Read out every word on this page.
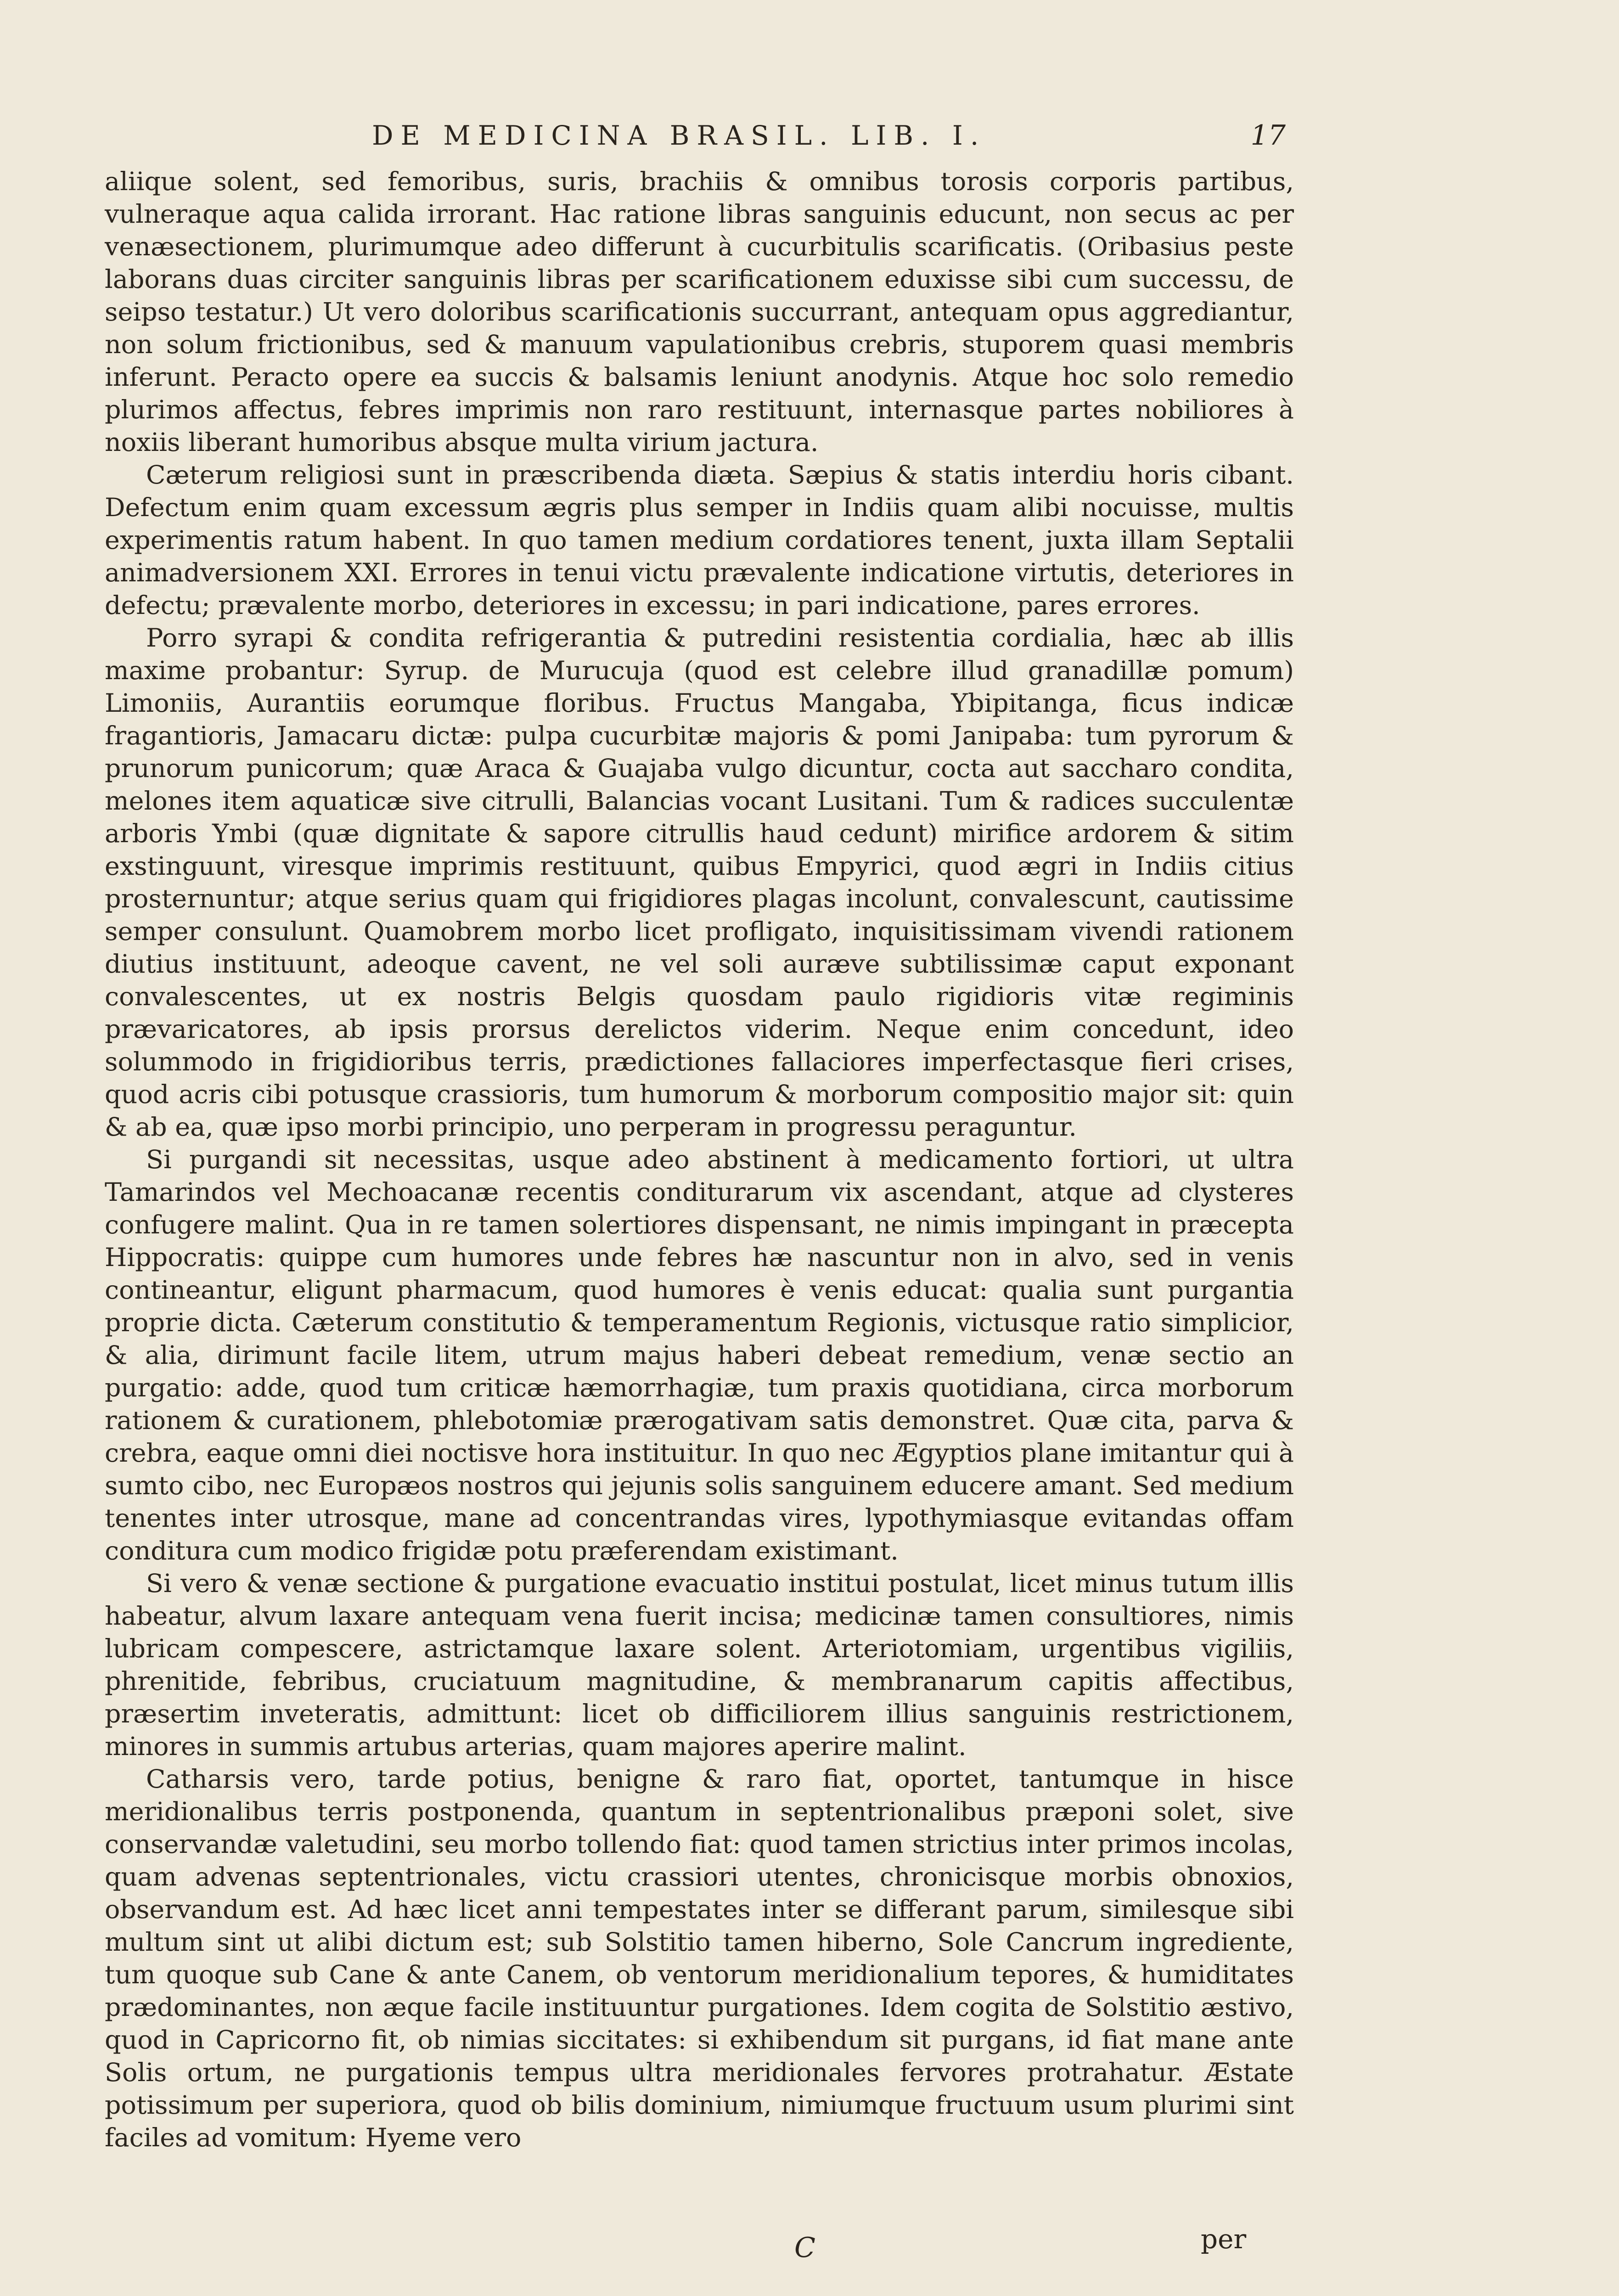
DE MEDICINA BRASIL. LIB. I.	17

aliique solent, sed femoribus, suris, brachiis & omnibus torosis corporis partibus, vulneraque aqua calida irrorant. Hac ratione libras sanguinis educunt, non secus ac per venæsectionem, plurimumque adeo differunt à cucurbitulis scarificatis. (Oribasius peste laborans duas circiter sanguinis libras per scarificationem eduxisse sibi cum successu, de seipso testatur.) Ut vero doloribus scarificationis succurrant, antequam opus aggrediantur, non solum frictionibus, sed & manuum vapulationibus crebris, stuporem quasi membris inferunt. Peracto opere ea succis & balsamis leniunt anodynis. Atque hoc solo remedio plurimos affectus, febres imprimis non raro restituunt, internasque partes nobiliores à noxiis liberant humoribus absque multa virium jactura.

Cæterum religiosi sunt in præscribenda diæta. Sæpius & statis interdiu horis cibant. Defectum enim quam excessum ægris plus semper in Indiis quam alibi nocuisse, multis experimentis ratum habent. In quo tamen medium cordatiores tenent, juxta illam Septalii animadversionem XXI. Errores in tenui victu prævalente indicatione virtutis, deteriores in defectu; prævalente morbo, deteriores in excessu; in pari indicatione, pares errores.

Porro syrapi & condita refrigerantia & putredini resistentia cordialia, hæc ab illis maxime probantur: Syrup. de Murucuja (quod est celebre illud granadillæ pomum) Limoniis, Aurantiis eorumque floribus. Fructus Mangaba, Ybipitanga, ficus indicæ fragantioris, Jamacaru dictæ: pulpa cucurbitæ majoris & pomi Janipaba: tum pyrorum & prunorum punicorum; quæ Araca & Guajaba vulgo dicuntur, cocta aut saccharo condita, melones item aquaticæ sive citrulli, Balancias vocant Lusitani. Tum & radices succulentæ arboris Ymbi (quæ dignitate & sapore citrullis haud cedunt) mirifice ardorem & sitim exstinguunt, viresque imprimis restituunt, quibus Empyrici, quod ægri in Indiis citius prosternuntur; atque serius quam qui frigidiores plagas incolunt, convalescunt, cautissime semper consulunt. Quamobrem morbo licet profligato, inquisitissimam vivendi rationem diutius instituunt, adeoque cavent, ne vel soli auræve subtilissimæ caput exponant convalescentes, ut ex nostris Belgis quosdam paulo rigidioris vitæ regiminis prævaricatores, ab ipsis prorsus derelictos viderim. Neque enim concedunt, ideo solummodo in frigidioribus terris, prædictiones fallaciores imperfectasque fieri crises, quod acris cibi potusque crassioris, tum humorum & morborum compositio major sit: quin & ab ea, quæ ipso morbi principio, uno perperam in progressu peraguntur.

Si purgandi sit necessitas, usque adeo abstinent à medicamento fortiori, ut ultra Tamarindos vel Mechoacanæ recentis conditurarum vix ascendant, atque ad clysteres confugere malint. Qua in re tamen solertiores dispensant, ne nimis impingant in præcepta Hippocratis: quippe cum humores unde febres hæ nascuntur non in alvo, sed in venis contineantur, eligunt pharmacum, quod humores è venis educat: qualia sunt purgantia proprie dicta. Cæterum constitutio & temperamentum Regionis, victusque ratio simplicior, & alia, dirimunt facile litem, utrum majus haberi debeat remedium, venæ sectio an purgatio: adde, quod tum criticæ hæmorrhagiæ, tum praxis quotidiana, circa morborum rationem & curationem, phlebotomiæ prærogativam satis demonstret. Quæ cita, parva & crebra, eaque omni diei noctisve hora instituitur. In quo nec Ægyptios plane imitantur qui à sumto cibo, nec Europæos nostros qui jejunis solis sanguinem educere amant. Sed medium tenentes inter utrosque, mane ad concentrandas vires, lypothymiasque evitandas offam conditura cum modico frigidæ potu præferendam existimant.

Si vero & venæ sectione & purgatione evacuatio institui postulat, licet minus tutum illis habeatur, alvum laxare antequam vena fuerit incisa; medicinæ tamen consultiores, nimis lubricam compescere, astrictamque laxare solent. Arteriotomiam, urgentibus vigiliis, phrenitide, febribus, cruciatuum magnitudine, & membranarum capitis affectibus, præsertim inveteratis, admittunt: licet ob difficiliorem illius sanguinis restrictionem, minores in summis artubus arterias, quam majores aperire malint.

Catharsis vero, tarde potius, benigne & raro fiat, oportet, tantumque in hisce meridionalibus terris postponenda, quantum in septentrionalibus præponi solet, sive conservandæ valetudini, seu morbo tollendo fiat: quod tamen strictius inter primos incolas, quam advenas septentrionales, victu crassiori utentes, chronicisque morbis obnoxios, observandum est. Ad hæc licet anni tempestates inter se differant parum, similesque sibi multum sint ut alibi dictum est; sub Solstitio tamen hiberno, Sole Cancrum ingrediente, tum quoque sub Cane & ante Canem, ob ventorum meridionalium tepores, & humiditates prædominantes, non æque facile instituuntur purgationes. Idem cogita de Solstitio æstivo, quod in Capricorno fit, ob nimias siccitates: si exhibendum sit purgans, id fiat mane ante Solis ortum, ne purgationis tempus ultra meridionales fervores protrahatur. Æstate potissimum per superiora, quod ob bilis dominium, nimiumque fructuum usum plurimi sint faciles ad vomitum: Hyeme vero

C	per
